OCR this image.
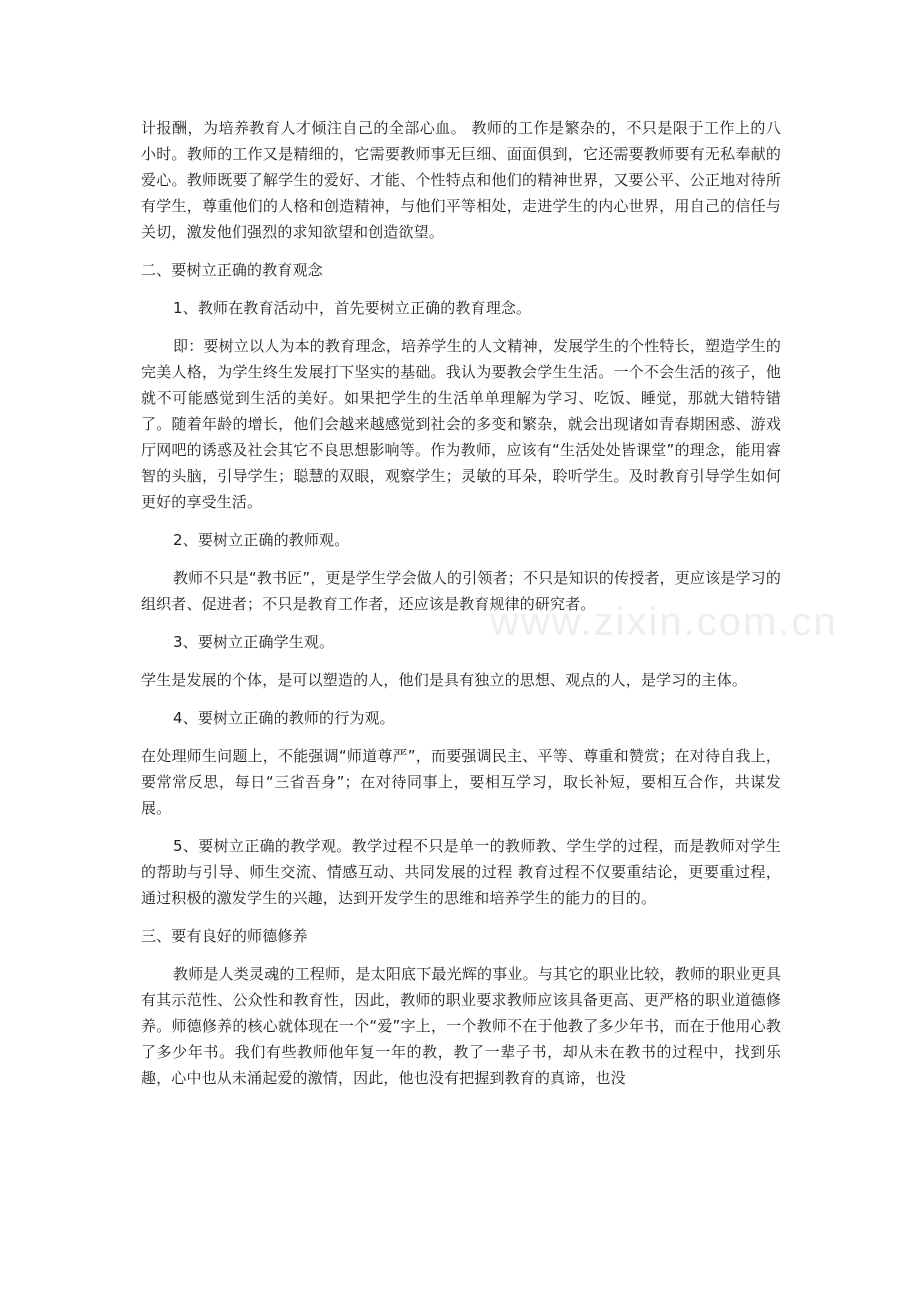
计报酬，为培养教育人才倾注自己的全部心血。 教师的工作是繁杂的，不只是限于工作上的八小时。教师的工作又是精细的，它需要教师事无巨细、面面俱到，它还需要教师要有无私奉献的爱心。教师既要了解学生的爱好、才能、个性特点和他们的精神世界，又要公平、公正地对待所有学生，尊重他们的人格和创造精神，与他们平等相处，走进学生的内心世界，用自己的信任与关切，激发他们强烈的求知欲望和创造欲望。

二、要树立正确的教育观念

1、教师在教育活动中，首先要树立正确的教育理念。

即：要树立以人为本的教育理念，培养学生的人文精神，发展学生的个性特长，塑造学生的完美人格，为学生终生发展打下坚实的基础。我认为要教会学生生活。一个不会生活的孩子，他就不可能感觉到生活的美好。如果把学生的生活单单理解为学习、吃饭、睡觉，那就大错特错了。随着年龄的增长，他们会越来越感觉到社会的多变和繁杂，就会出现诸如青春期困惑、游戏厅网吧的诱惑及社会其它不良思想影响等。作为教师，应该有“生活处处皆课堂”的理念，能用睿智的头脑，引导学生；聪慧的双眼，观察学生；灵敏的耳朵，聆听学生。及时教育引导学生如何更好的享受生活。

2、要树立正确的教师观。

教师不只是“教书匠”，更是学生学会做人的引领者；不只是知识的传授者，更应该是学习的组织者、促进者；不只是教育工作者，还应该是教育规律的研究者。

3、要树立正确学生观。

学生是发展的个体，是可以塑造的人，他们是具有独立的思想、观点的人，是学习的主体。

4、要树立正确的教师的行为观。

在处理师生问题上，不能强调“师道尊严”，而要强调民主、平等、尊重和赞赏；在对待自我上，要常常反思，每日“三省吾身”；在对待同事上，要相互学习，取长补短，要相互合作，共谋发展。

5、要树立正确的教学观。教学过程不只是单一的教师教、学生学的过程，而是教师对学生的帮助与引导、师生交流、情感互动、共同发展的过程 教育过程不仅要重结论，更要重过程，通过积极的激发学生的兴趣，达到开发学生的思维和培养学生的能力的目的。

三、要有良好的师德修养

教师是人类灵魂的工程师，是太阳底下最光辉的事业。与其它的职业比较，教师的职业更具有其示范性、公众性和教育性，因此，教师的职业要求教师应该具备更高、更严格的职业道德修养。师德修养的核心就体现在一个“爱”字上，一个教师不在于他教了多少年书，而在于他用心教了多少年书。我们有些教师他年复一年的教，教了一辈子书，却从未在教书的过程中，找到乐趣，心中也从未涌起爱的激情，因此，他也没有把握到教育的真谛，也没

www.zixin.com.cn
